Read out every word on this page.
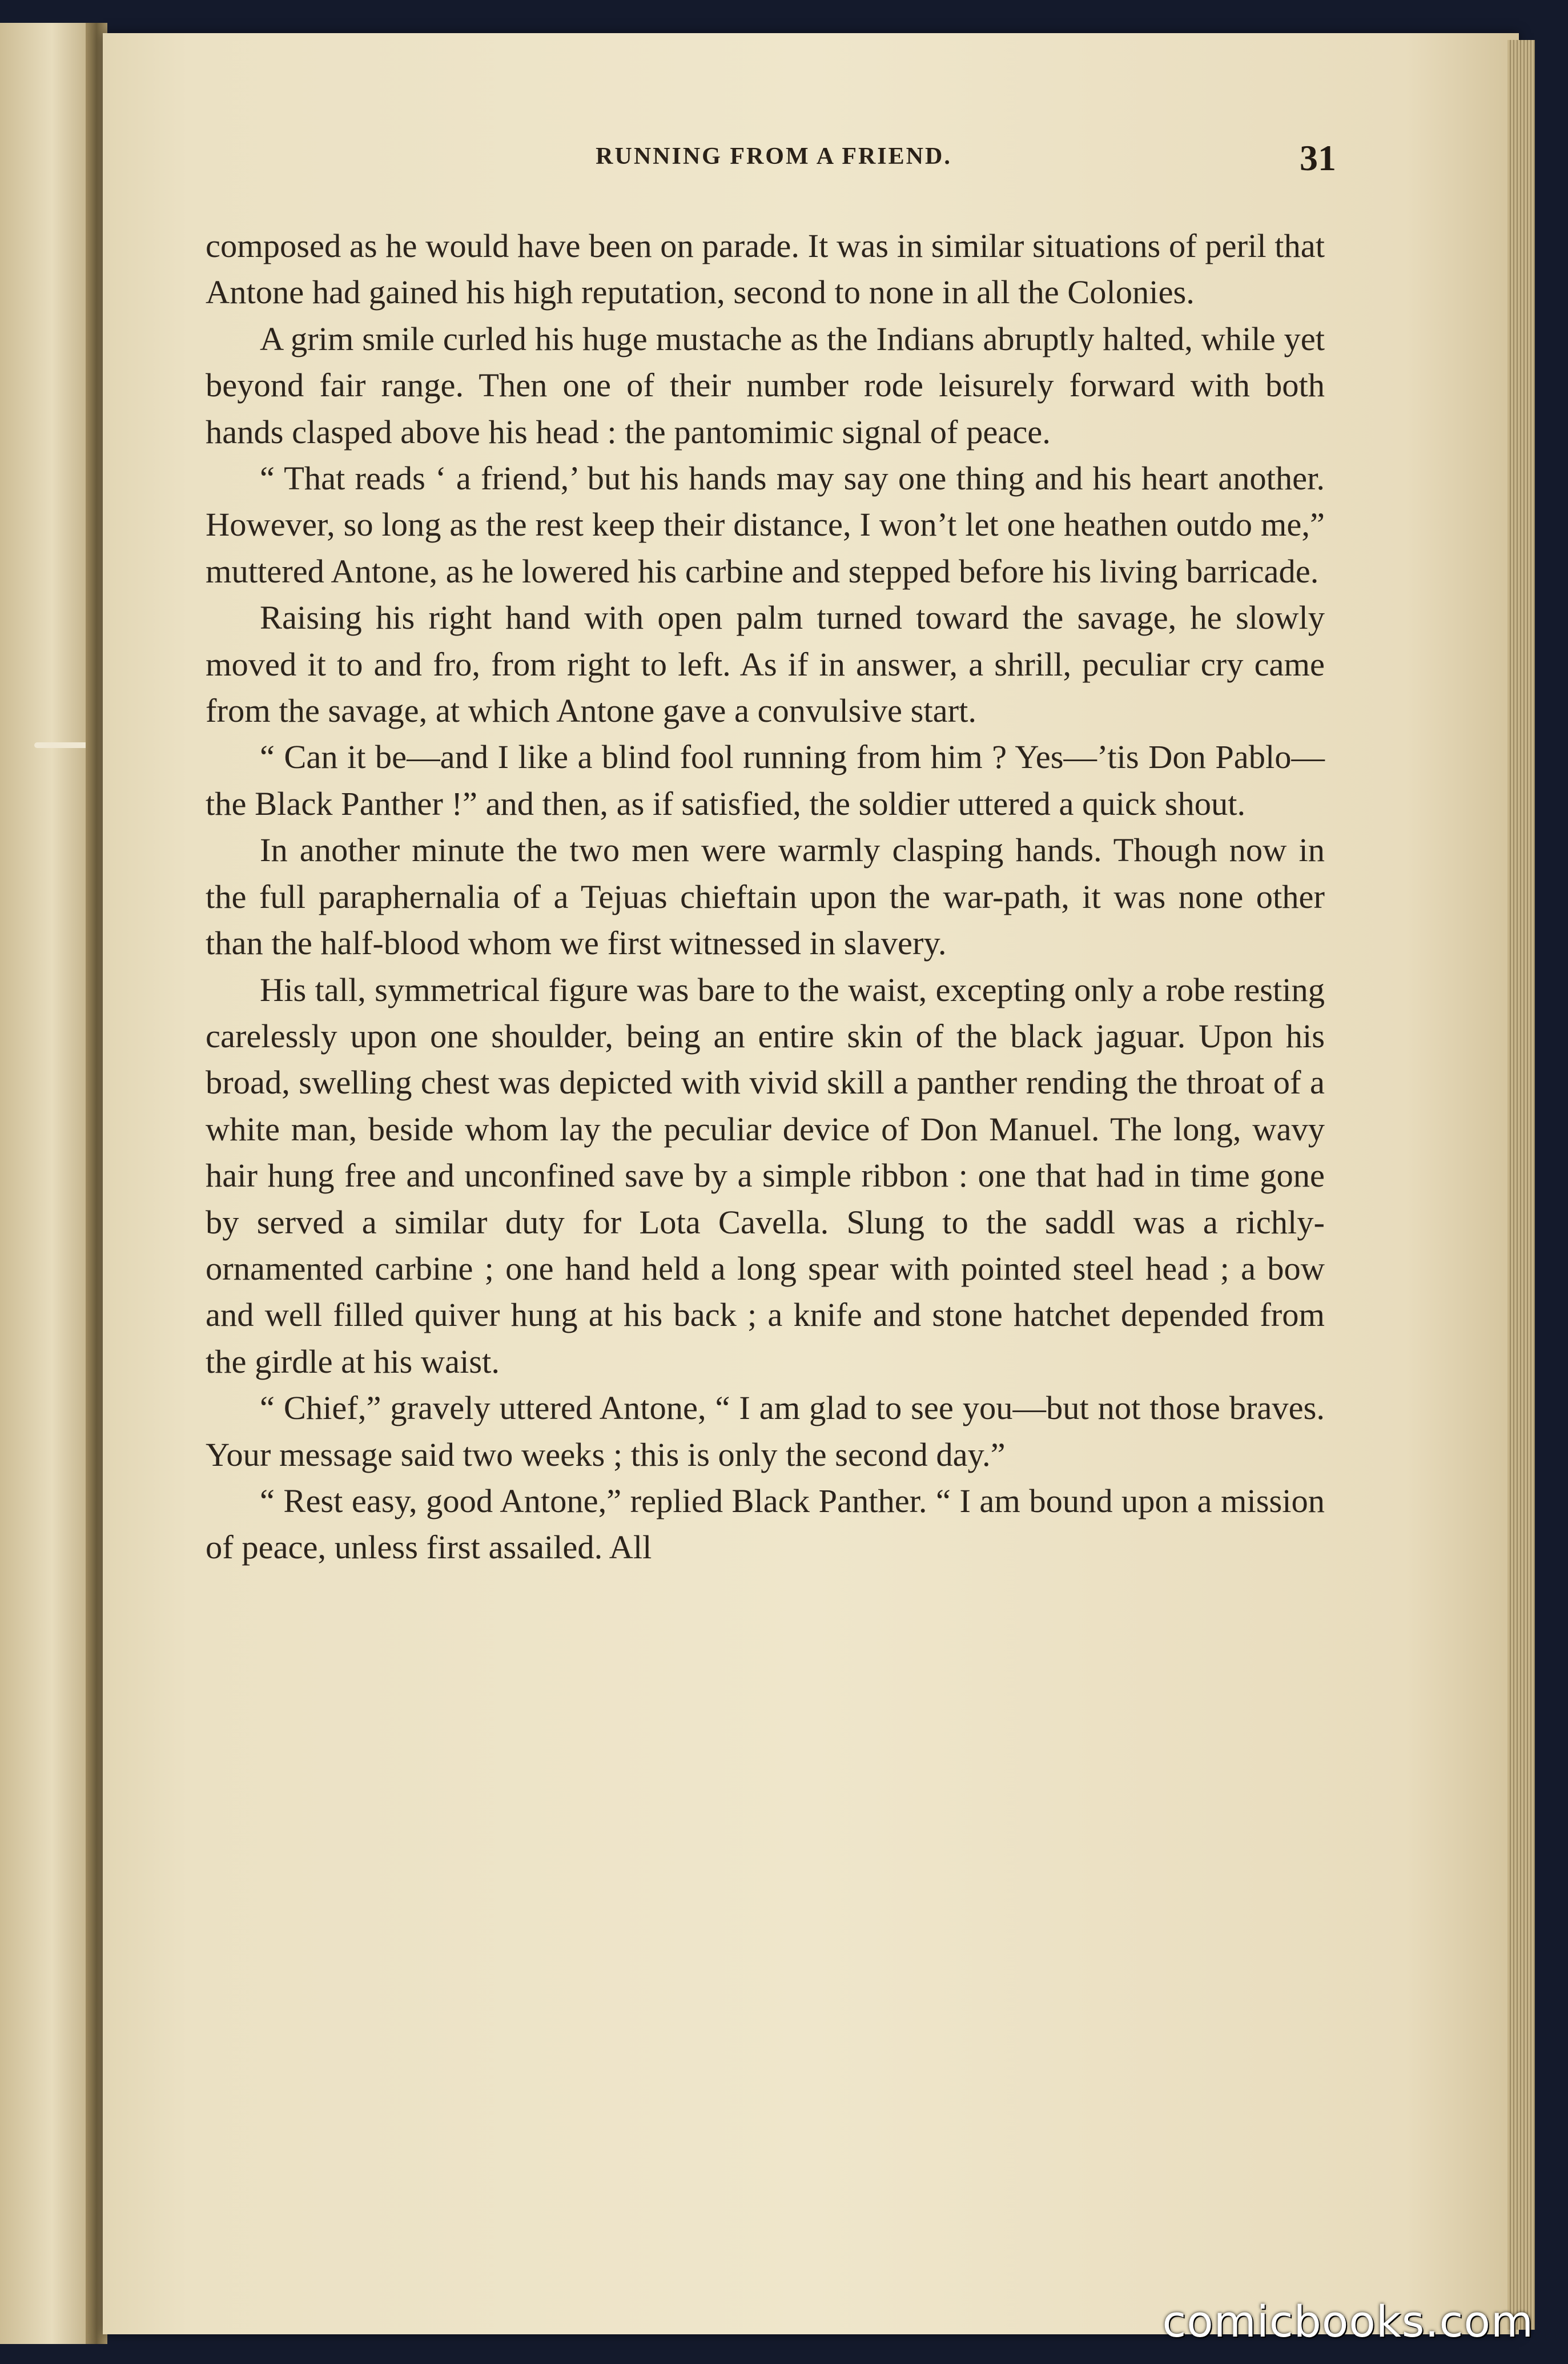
RUNNING FROM A FRIEND.	31

composed as he would have been on parade. It was in similar situations of peril that Antone had gained his high reputation, second to none in all the Colonies.

A grim smile curled his huge mustache as the Indians abruptly halted, while yet beyond fair range. Then one of their number rode leisurely forward with both hands clasped above his head : the pantomimic signal of peace.

“ That reads ‘ a friend,’ but his hands may say one thing and his heart another. However, so long as the rest keep their distance, I won’t let one heathen outdo me,” muttered Antone, as he lowered his carbine and stepped before his living barricade.

Raising his right hand with open palm turned toward the savage, he slowly moved it to and fro, from right to left. As if in answer, a shrill, peculiar cry came from the savage, at which Antone gave a convulsive start.

“ Can it be—and I like a blind fool running from him ? Yes—’tis Don Pablo—the Black Panther !” and then, as if satisfied, the soldier uttered a quick shout.

In another minute the two men were warmly clasping hands. Though now in the full paraphernalia of a Tejuas chieftain upon the war-path, it was none other than the half-blood whom we first witnessed in slavery.

His tall, symmetrical figure was bare to the waist, excepting only a robe resting carelessly upon one shoulder, being an entire skin of the black jaguar. Upon his broad, swelling chest was depicted with vivid skill a panther rending the throat of a white man, beside whom lay the peculiar device of Don Manuel. The long, wavy hair hung free and unconfined save by a simple ribbon : one that had in time gone by served a similar duty for Lota Cavella. Slung to the saddl was a richly-ornamented carbine ; one hand held a long spear with pointed steel head ; a bow and well filled quiver hung at his back ; a knife and stone hatchet depended from the girdle at his waist.

“ Chief,” gravely uttered Antone, “ I am glad to see you—but not those braves. Your message said two weeks ; this is only the second day.”

“ Rest easy, good Antone,” replied Black Panther. “ I am bound upon a mission of peace, unless first assailed. All

comicbooks.com
